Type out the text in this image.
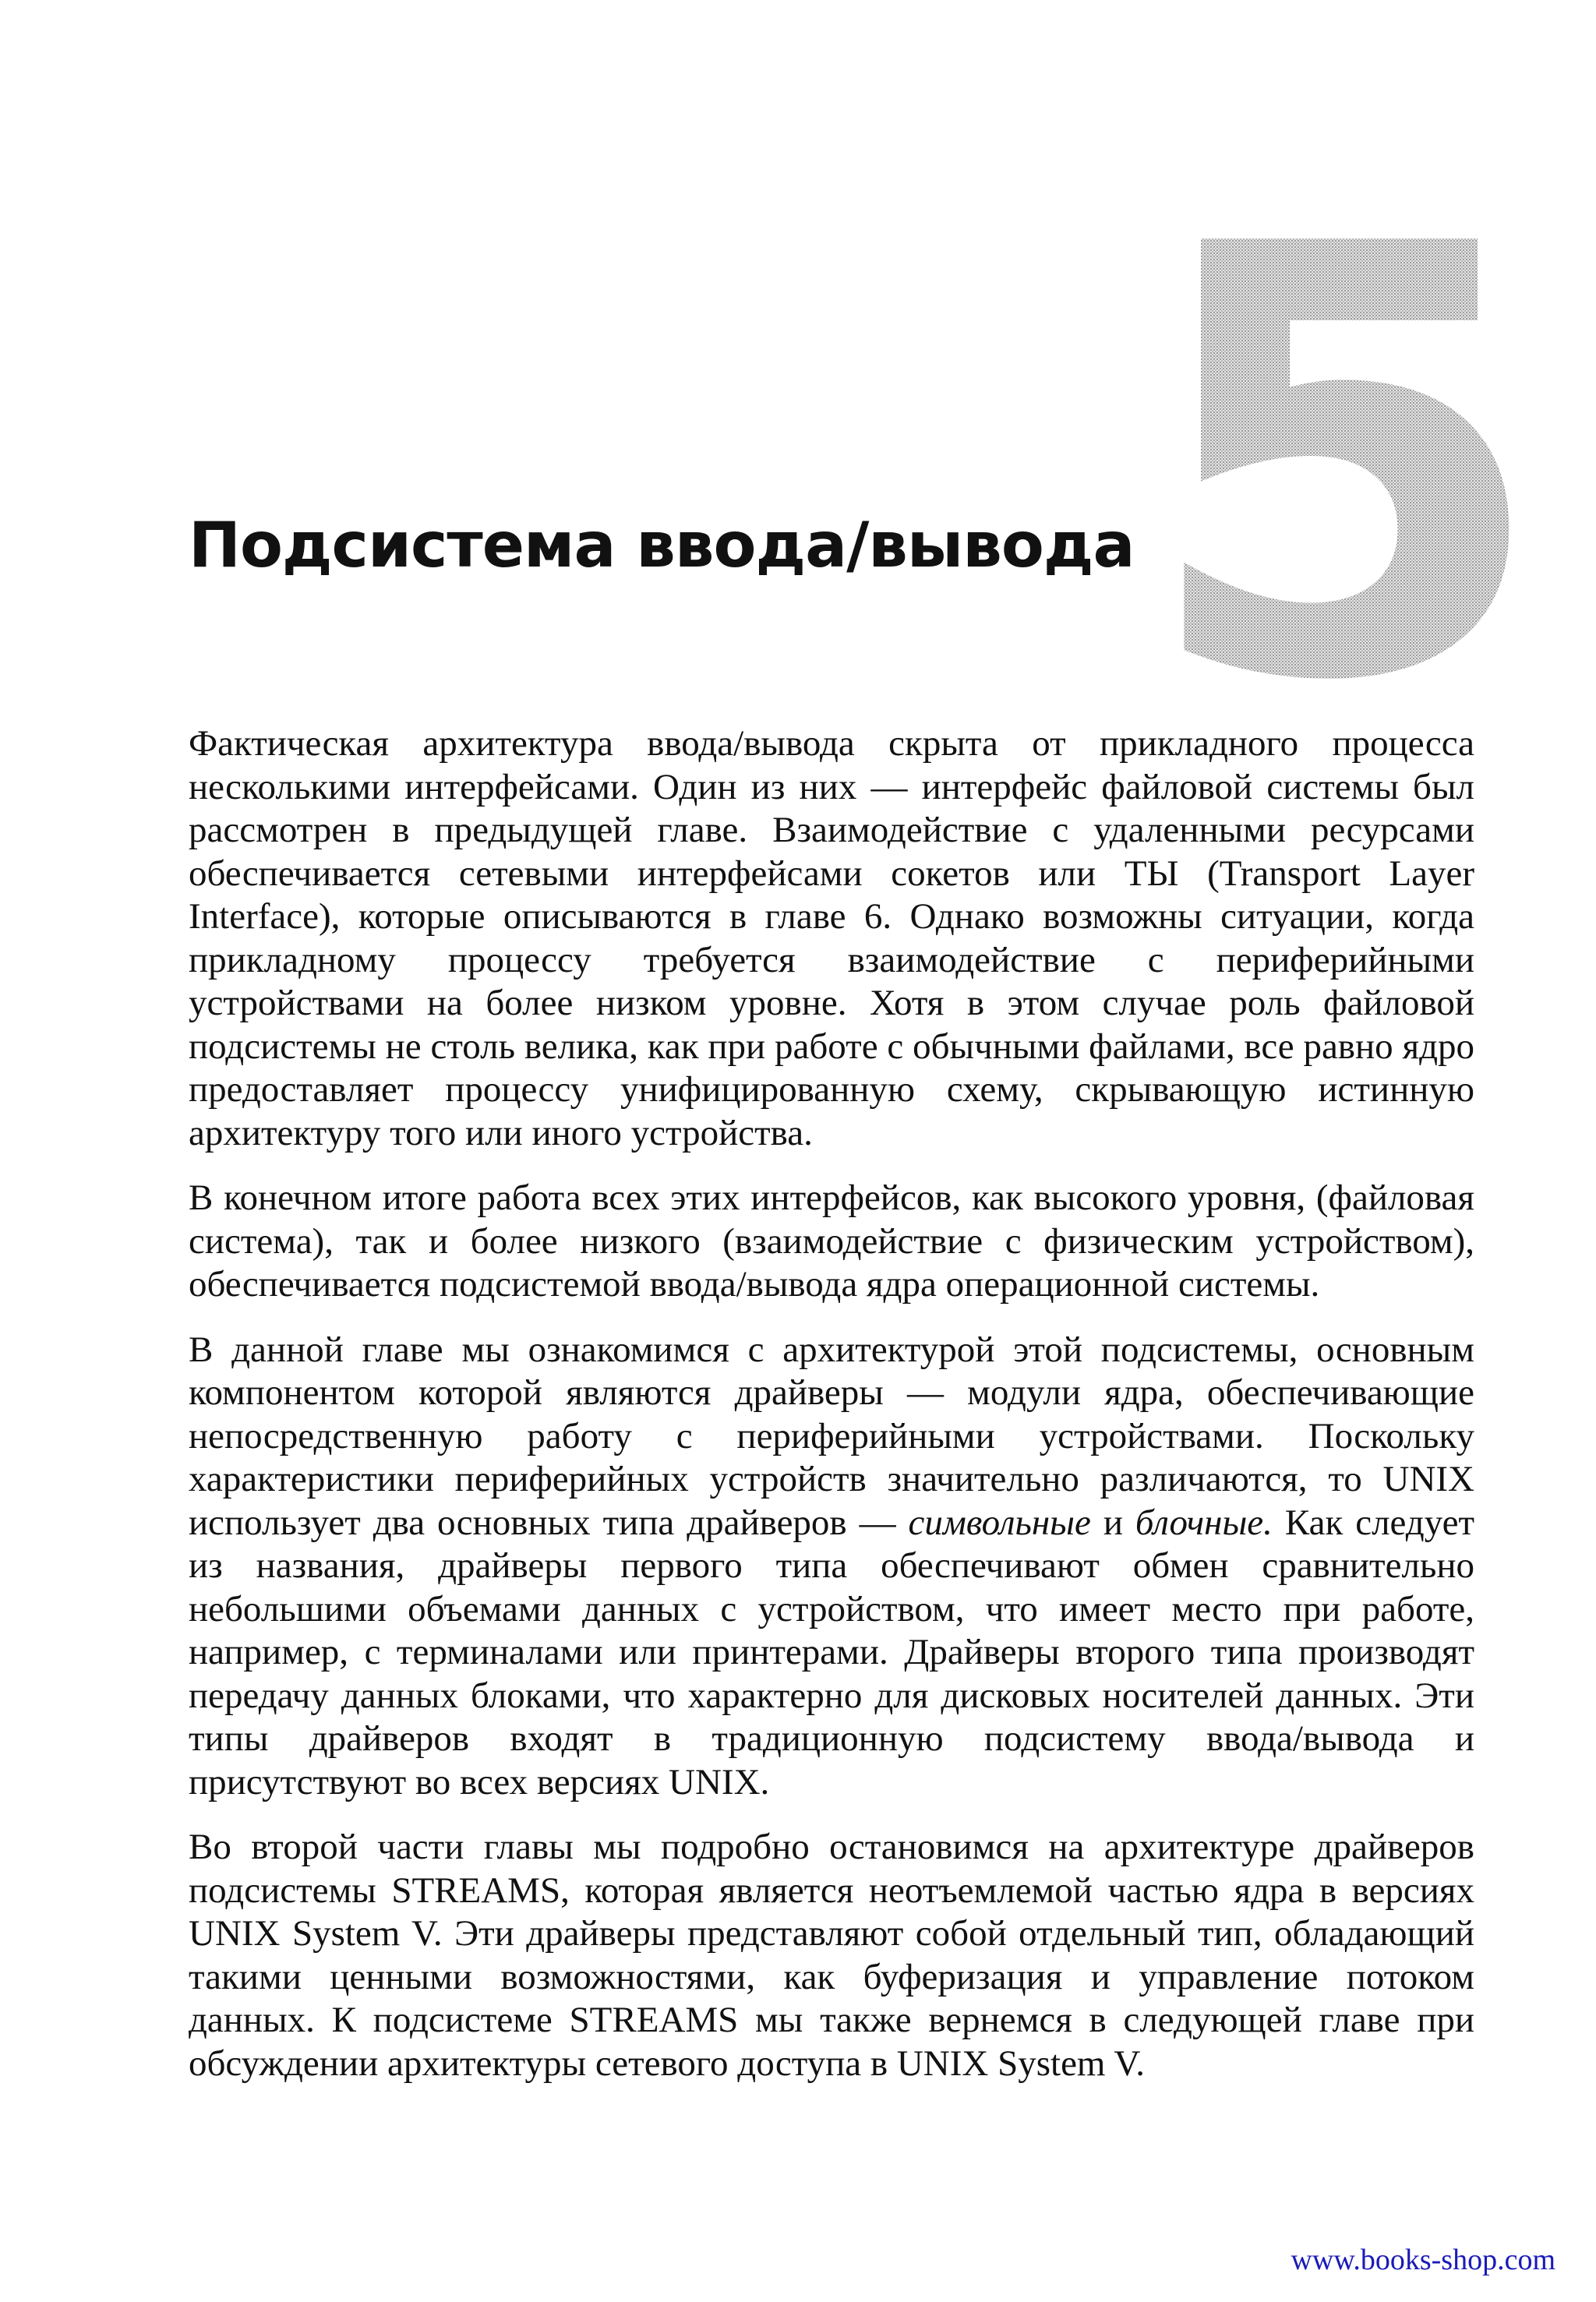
5
Подсистема ввода/вывода

Фактическая архитектура ввода/вывода скрыта от прикладного процесса несколькими интерфейсами. Один из них — интерфейс файловой системы был рассмотрен в предыдущей главе. Взаимодействие с удаленными ресурсами обеспечивается сетевыми интерфейсами сокетов или ТЫ (Transport Layer Interface), которые описываются в главе 6. Однако возможны ситуации, когда прикладному процессу требуется взаимодействие с периферийными устройствами на более низком уровне. Хотя в этом случае роль файловой подсистемы не столь велика, как при работе с обычными файлами, все равно ядро предоставляет процессу унифицированную схему, скрывающую истинную архитектуру того или иного устройства.

В конечном итоге работа всех этих интерфейсов, как высокого уровня, (файловая система), так и более низкого (взаимодействие с физическим устройством), обеспечивается подсистемой ввода/вывода ядра операционной системы.

В данной главе мы ознакомимся с архитектурой этой подсистемы, основным компонентом которой являются драйверы — модули ядра, обеспечивающие непосредственную работу с периферийными устройствами. Поскольку характеристики периферийных устройств значительно различаются, то UNIX использует два основных типа драйверов — символьные и блочные. Как следует из названия, драйверы первого типа обеспечивают обмен сравнительно небольшими объемами данных с устройством, что имеет место при работе, например, с терминалами или принтерами. Драйверы второго типа производят передачу данных блоками, что характерно для дисковых носителей данных. Эти типы драйверов входят в традиционную подсистему ввода/вывода и присутствуют во всех версиях UNIX.

Во второй части главы мы подробно остановимся на архитектуре драйверов подсистемы STREAMS, которая является неотъемлемой частью ядра в версиях UNIX System V. Эти драйверы представляют собой отдельный тип, обладающий такими ценными возможностями, как буферизация и управление потоком данных. К подсистеме STREAMS мы также вернемся в следующей главе при обсуждении архитектуры сетевого доступа в UNIX System V.

www.books-shop.com
